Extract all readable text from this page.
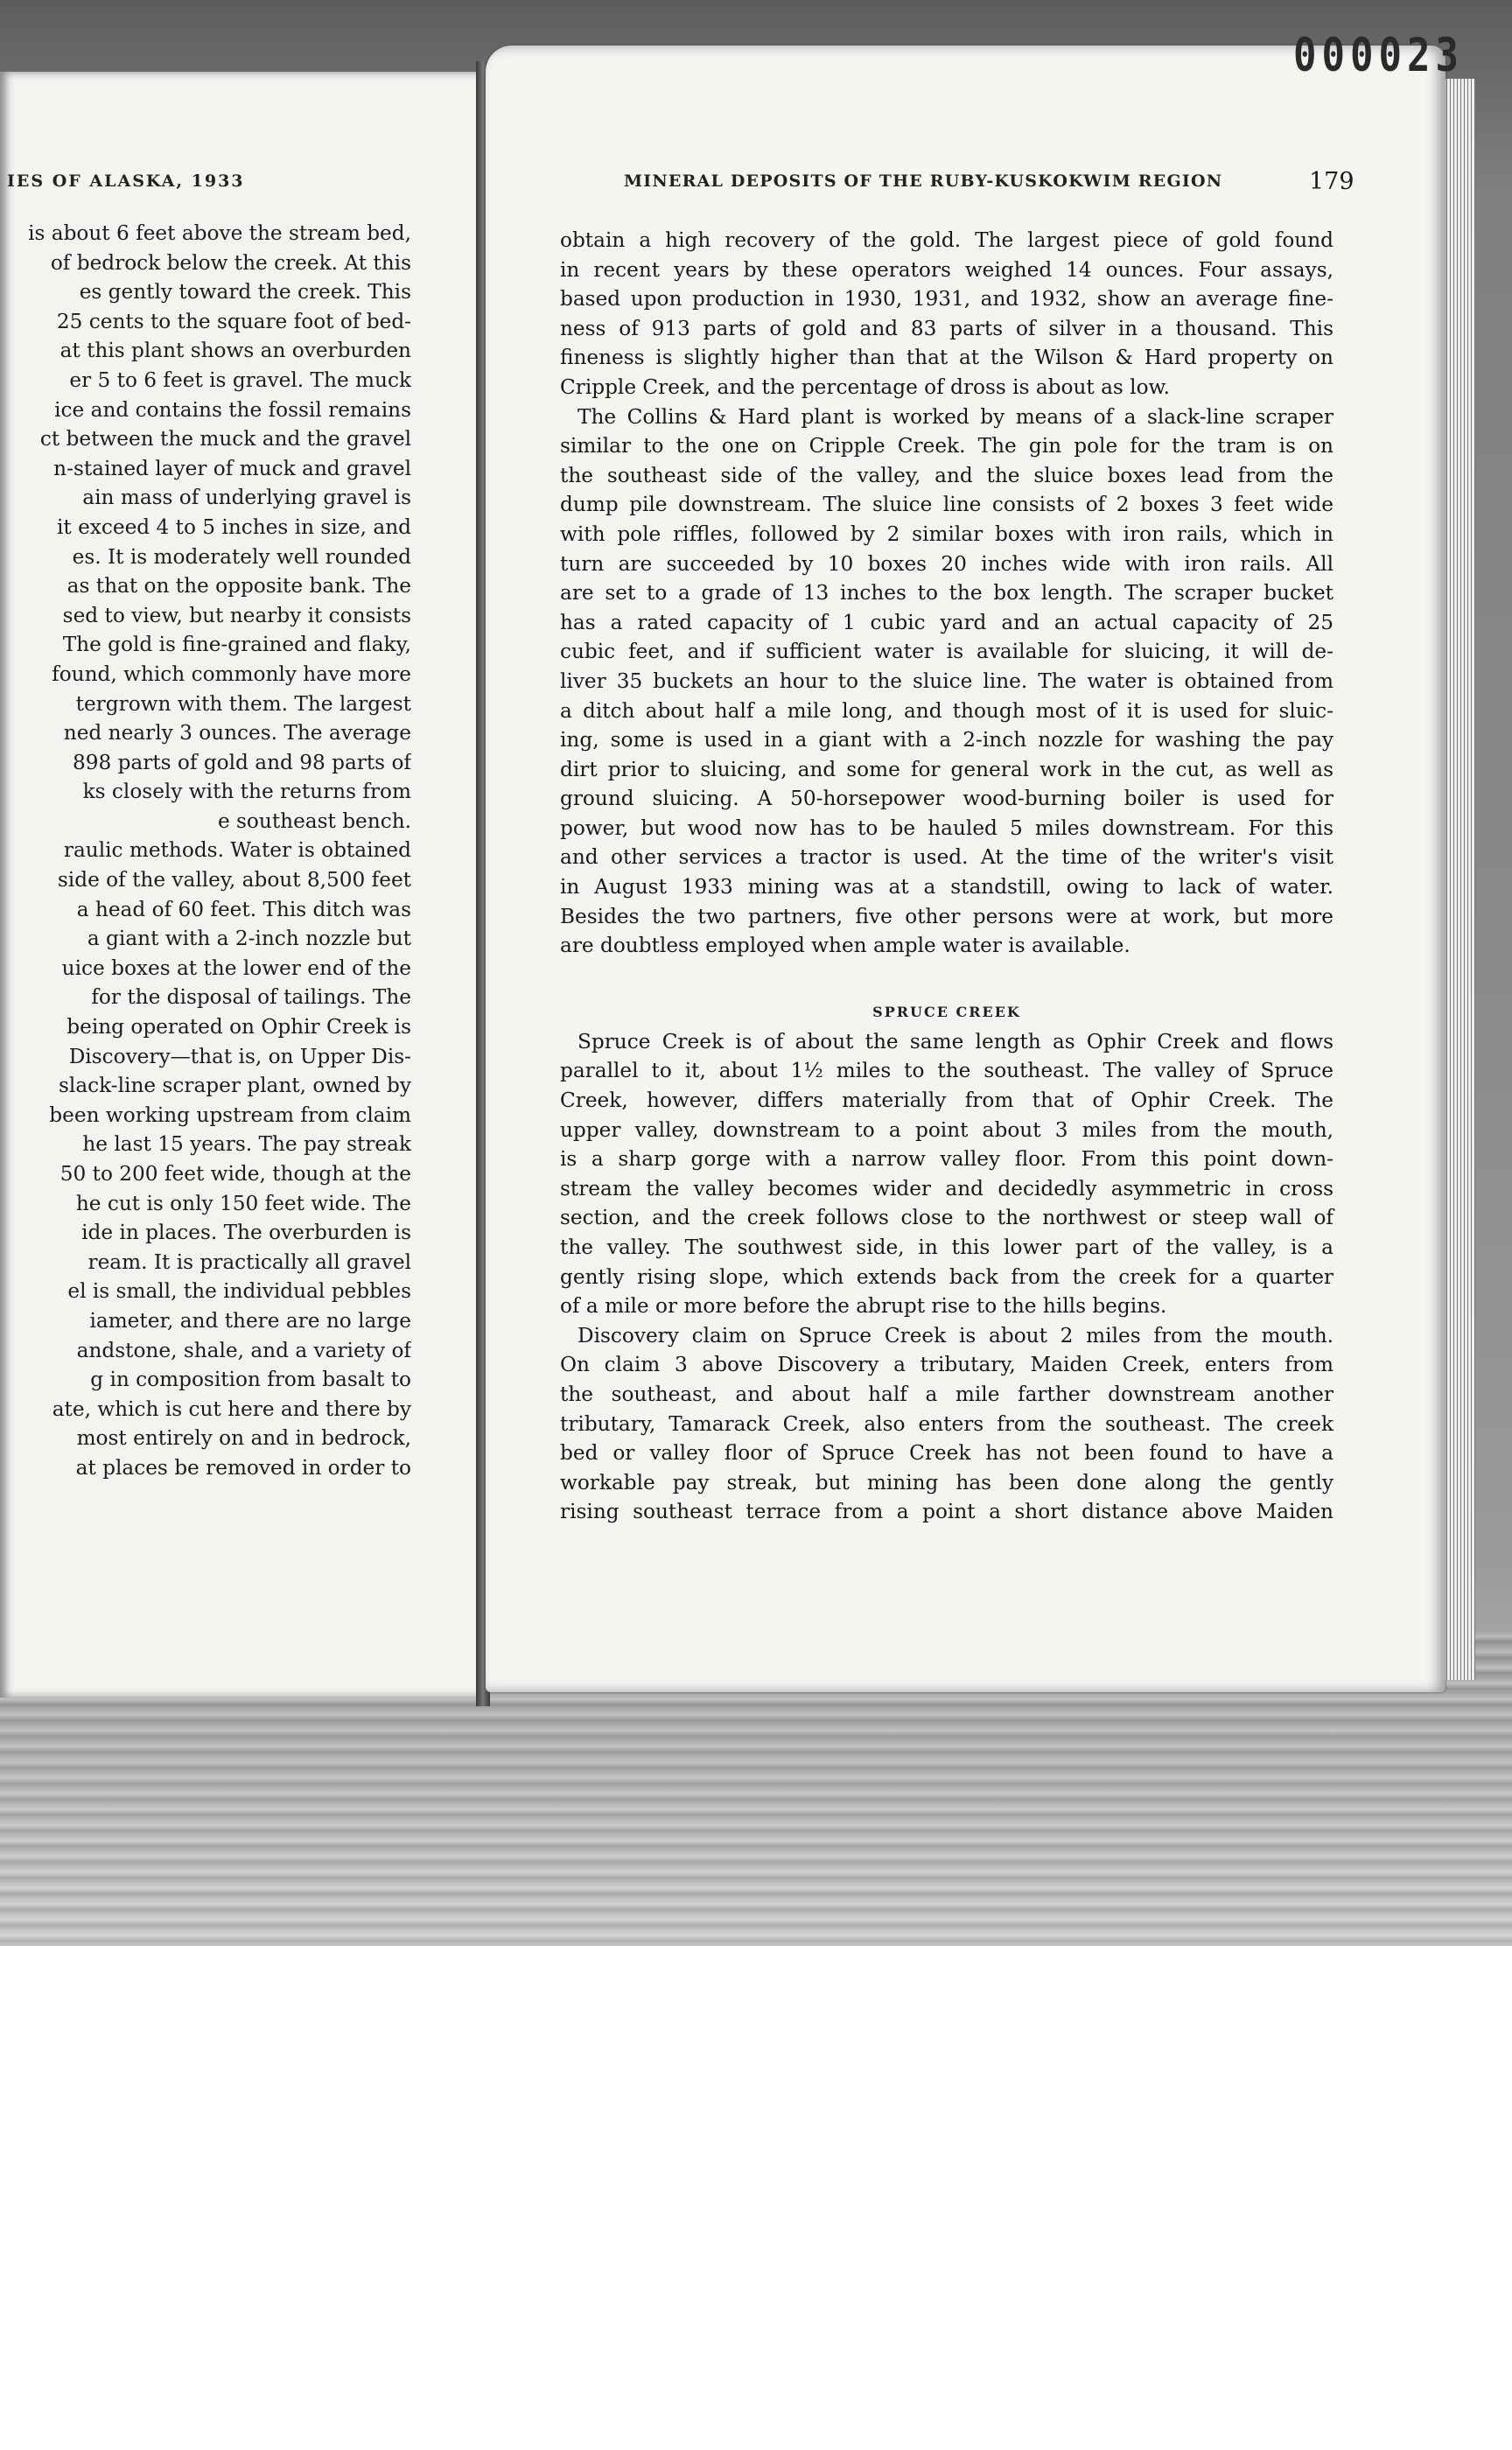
000023
IES OF ALASKA, 1933
is about 6 feet above the stream bed,
of bedrock below the creek. At this
es gently toward the creek. This
25 cents to the square foot of bed-
at this plant shows an overburden
er 5 to 6 feet is gravel. The muck
ice and contains the fossil remains
ct between the muck and the gravel
n-stained layer of muck and gravel
ain mass of underlying gravel is
it exceed 4 to 5 inches in size, and
es. It is moderately well rounded
as that on the opposite bank. The
sed to view, but nearby it consists
The gold is fine-grained and flaky,
found, which commonly have more
tergrown with them. The largest
ned nearly 3 ounces. The average
898 parts of gold and 98 parts of
ks closely with the returns from
e southeast bench.
raulic methods. Water is obtained
side of the valley, about 8,500 feet
a head of 60 feet. This ditch was
a giant with a 2-inch nozzle but
uice boxes at the lower end of the
for the disposal of tailings. The
being operated on Ophir Creek is
Discovery—that is, on Upper Dis-
slack-line scraper plant, owned by
been working upstream from claim
he last 15 years. The pay streak
50 to 200 feet wide, though at the
he cut is only 150 feet wide. The
ide in places. The overburden is
ream. It is practically all gravel
el is small, the individual pebbles
iameter, and there are no large
andstone, shale, and a variety of
g in composition from basalt to
ate, which is cut here and there by
most entirely on and in bedrock,
at places be removed in order to
MINERAL DEPOSITS OF THE RUBY-KUSKOKWIM REGION	179
obtain a high recovery of the gold. The largest piece of gold found
in recent years by these operators weighed 14 ounces. Four assays,
based upon production in 1930, 1931, and 1932, show an average fine-
ness of 913 parts of gold and 83 parts of silver in a thousand. This
fineness is slightly higher than that at the Wilson & Hard property on
Cripple Creek, and the percentage of dross is about as low.
The Collins & Hard plant is worked by means of a slack-line scraper
similar to the one on Cripple Creek. The gin pole for the tram is on
the southeast side of the valley, and the sluice boxes lead from the
dump pile downstream. The sluice line consists of 2 boxes 3 feet wide
with pole riffles, followed by 2 similar boxes with iron rails, which in
turn are succeeded by 10 boxes 20 inches wide with iron rails. All
are set to a grade of 13 inches to the box length. The scraper bucket
has a rated capacity of 1 cubic yard and an actual capacity of 25
cubic feet, and if sufficient water is available for sluicing, it will de-
liver 35 buckets an hour to the sluice line. The water is obtained from
a ditch about half a mile long, and though most of it is used for sluic-
ing, some is used in a giant with a 2-inch nozzle for washing the pay
dirt prior to sluicing, and some for general work in the cut, as well as
ground sluicing. A 50-horsepower wood-burning boiler is used for
power, but wood now has to be hauled 5 miles downstream. For this
and other services a tractor is used. At the time of the writer's visit
in August 1933 mining was at a standstill, owing to lack of water.
Besides the two partners, five other persons were at work, but more
are doubtless employed when ample water is available.
SPRUCE CREEK
Spruce Creek is of about the same length as Ophir Creek and flows
parallel to it, about 1½ miles to the southeast. The valley of Spruce
Creek, however, differs materially from that of Ophir Creek. The
upper valley, downstream to a point about 3 miles from the mouth,
is a sharp gorge with a narrow valley floor. From this point down-
stream the valley becomes wider and decidedly asymmetric in cross
section, and the creek follows close to the northwest or steep wall of
the valley. The southwest side, in this lower part of the valley, is a
gently rising slope, which extends back from the creek for a quarter
of a mile or more before the abrupt rise to the hills begins.
Discovery claim on Spruce Creek is about 2 miles from the mouth.
On claim 3 above Discovery a tributary, Maiden Creek, enters from
the southeast, and about half a mile farther downstream another
tributary, Tamarack Creek, also enters from the southeast. The creek
bed or valley floor of Spruce Creek has not been found to have a
workable pay streak, but mining has been done along the gently
rising southeast terrace from a point a short distance above Maiden
